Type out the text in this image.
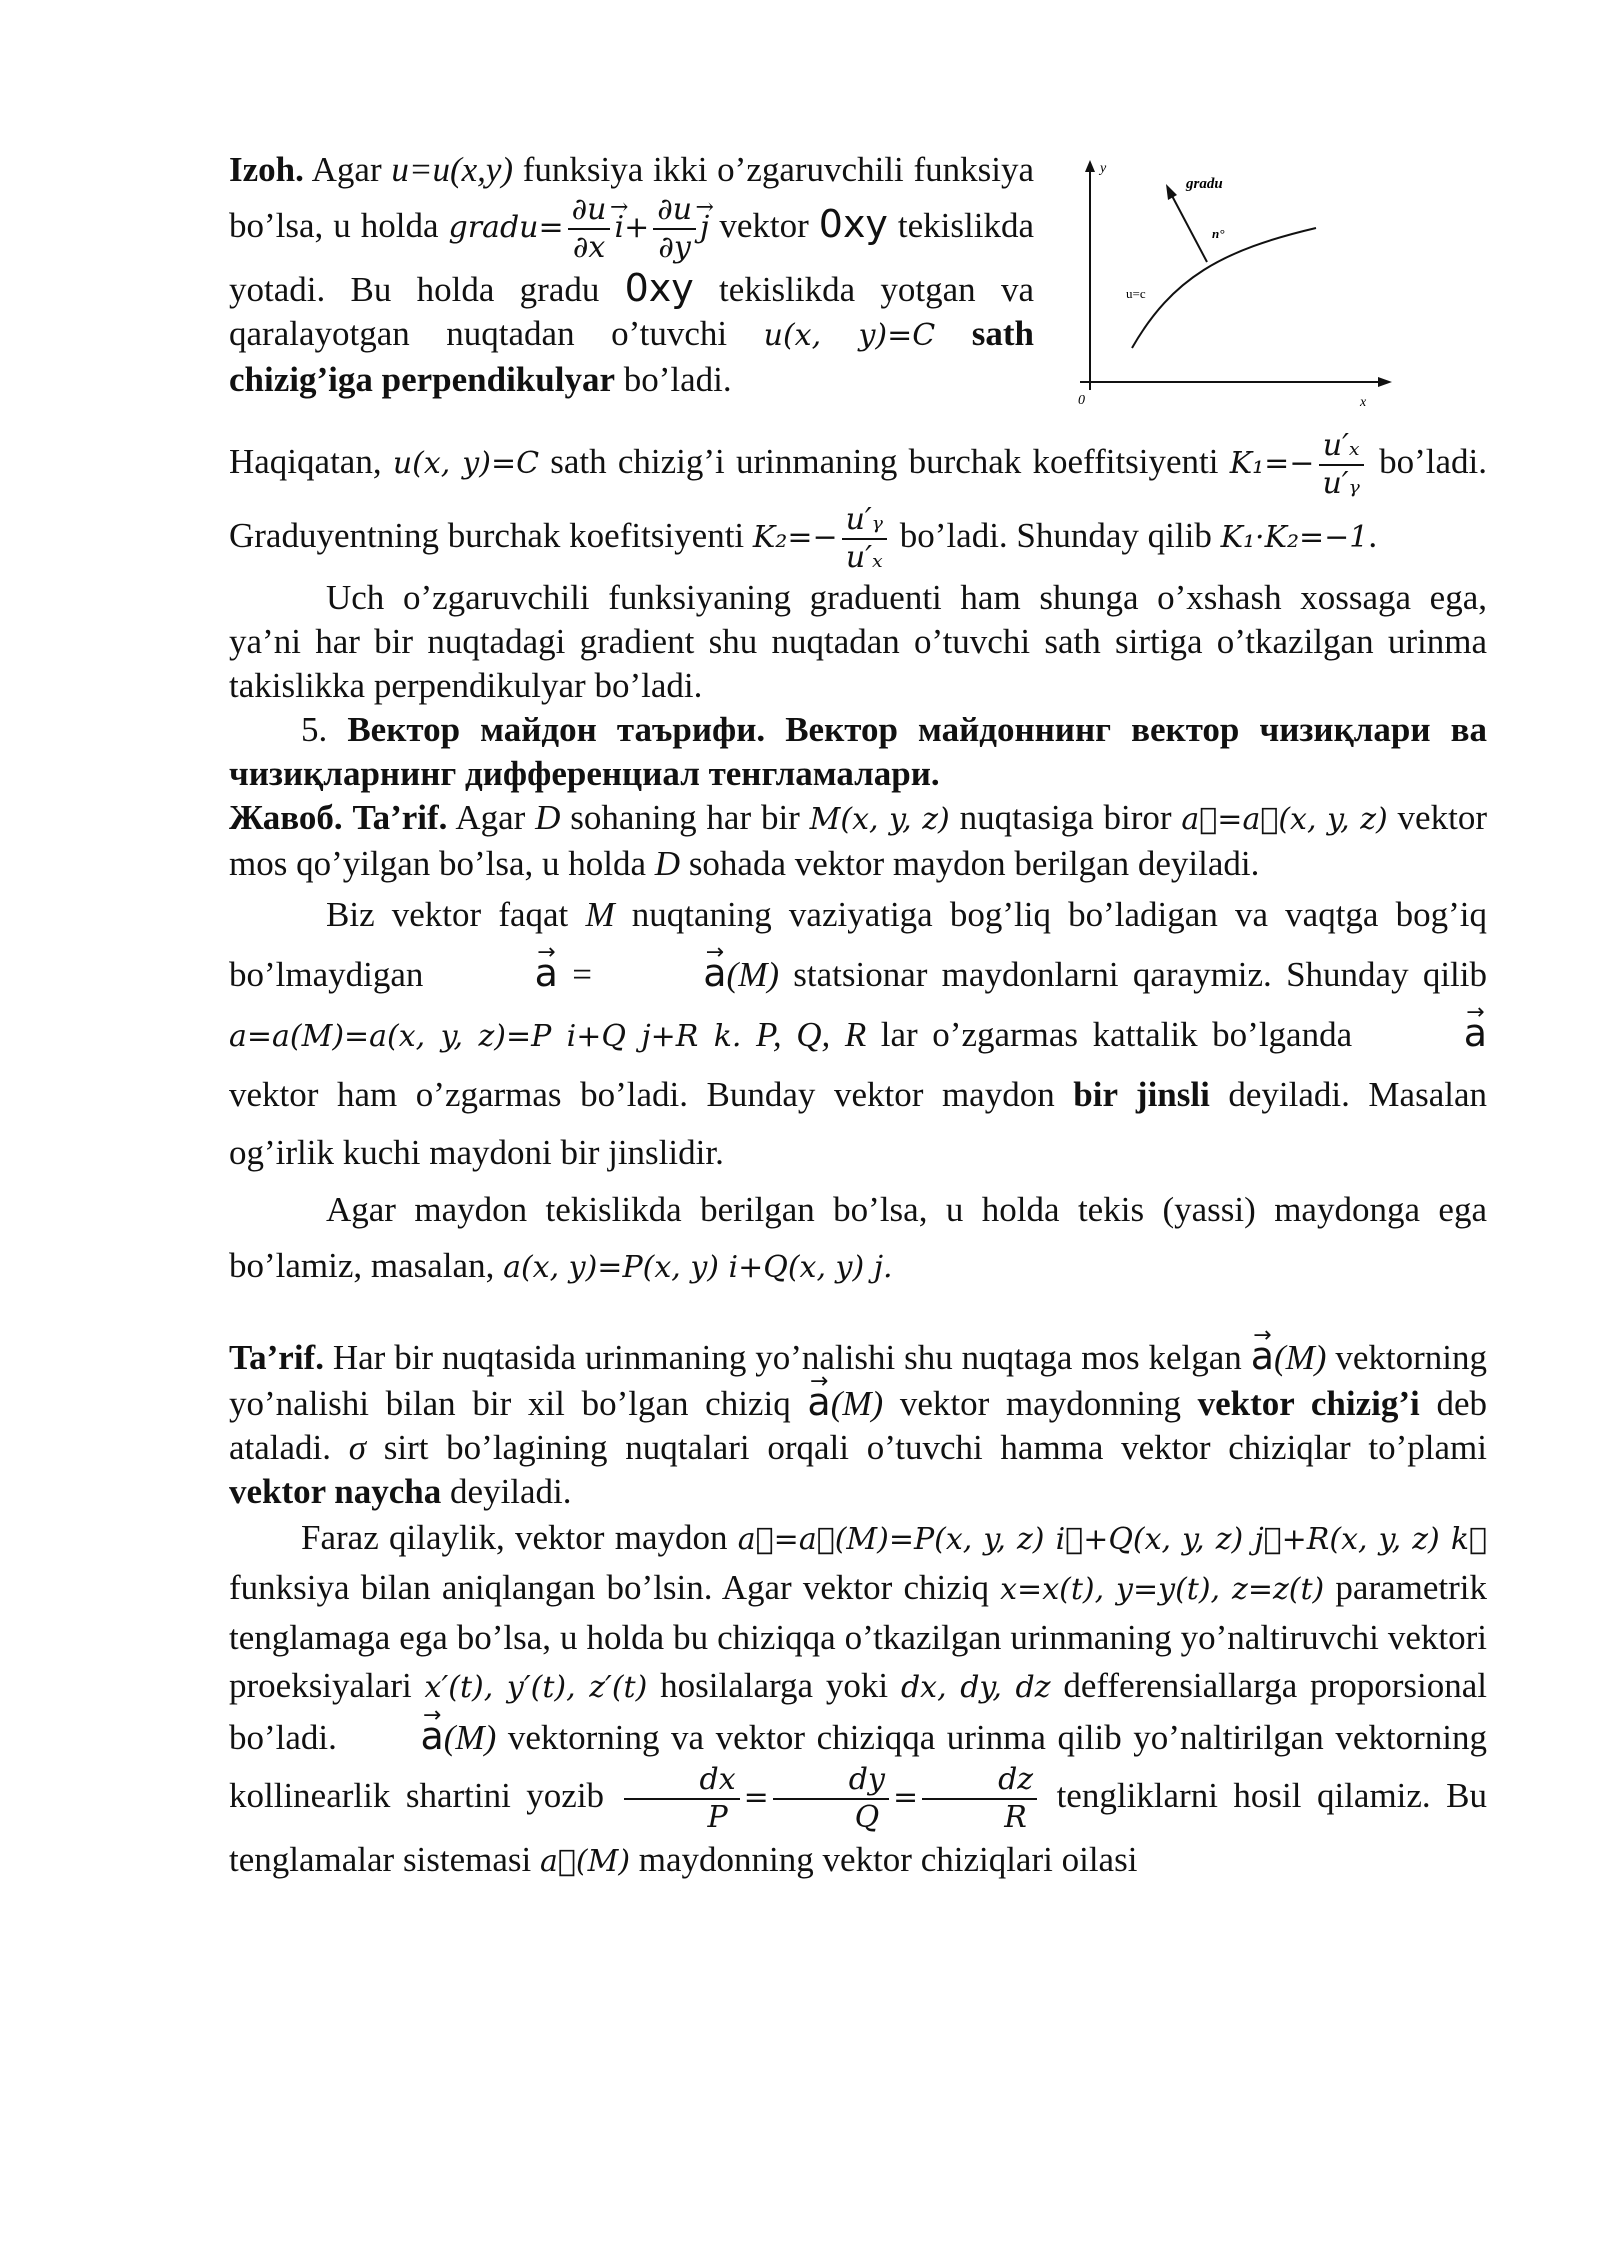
y
x
0
gradu
n°
u=c

Izoh. Agar u=u(x,y) funksiya ikki o’zgaruvchili funksiya bo’lsa, u holda gradu= $\frac{\partial u}{\partial x}$
→ $i+ \frac{\partial u}{\partial y}$
→ j vektor 0xy tekislikda yotadi. Bu holda gradu 0xy tekislikda yotgan va qaralayotgan nuqtadan o’tuvchi u(x, y)=C sath chizig’iga perpendikulyar bo’ladi.

Haqiqatan, u(x, y)=C sath chizig’i urinmaning burchak koeffitsiyenti $K_1=- \frac{\text{u′ₓ}}{\text{u′ᵧ}}$ bo’ladi. Graduyentning burchak koefitsiyenti $K_2=- \frac{\text{u′ᵧ}}{\text{u′ₓ}}$ bo’ladi. Shunday qilib K₁·K₂=−1.

Uch o’zgaruvchili funksiyaning graduenti ham shunga o’xshash xossaga ega, ya’ni har bir nuqtadagi gradient shu nuqtadan o’tuvchi sath sirtiga o’tkazilgan urinma takislikka perpendikulyar bo’ladi.

5. Вектор майдон таърифи. Вектор майдоннинг вектор чизиқлари ва чизиқларнинг дифференциал тенгламалари.

Жавоб. Ta’rif. Agar D sohaning har bir M(x, y, z) nuqtasiga biror a⃗=a⃗(x, y, z) vektor mos qo’yilgan bo’lsa, u holda D sohada vektor maydon berilgan deyiladi.

Biz vektor faqat M nuqtaning vaziyatiga bog’liq bo’ladigan va vaqtga bog’iq bo’lmaydigan →	a = →	a(M) statsionar maydonlarni qaraymiz. Shunday qilib a=a(M)=a(x, y, z)=P i+Q j+R k. P, Q, R lar o’zgarmas kattalik bo’lganda →	a vektor ham o’zgarmas bo’ladi. Bunday vektor maydon bir jinsli deyiladi. Masalan og’irlik kuchi maydoni bir jinslidir.

Agar maydon tekislikda berilgan bo’lsa, u holda tekis (yassi) maydonga ega bo’lamiz, masalan, a(x, y)=P(x, y) i+Q(x, y) j.

Ta’rif. Har bir nuqtasida urinmaning yo’nalishi shu nuqtaga mos kelgan → a(M) vektorning yo’nalishi bilan bir xil bo’lgan chiziq → a(M) vektor maydonning vektor chizig’i deb ataladi. σ sirt bo’lagining nuqtalari orqali o’tuvchi hamma vektor chiziqlar to’plami vektor naycha deyiladi.

Faraz qilaylik, vektor maydon a⃗=a⃗(M)=P(x, y, z) i⃗+Q(x, y, z) j⃗+R(x, y, z) k⃗ funksiya bilan aniqlangan bo’lsin. Agar vektor chiziq x=x(t), y=y(t), z=z(t) parametrik tenglamaga ega bo’lsa, u holda bu chiziqqa o’tkazilgan urinmaning yo’naltiruvchi vektori proeksiyalari x′(t), y′(t), z′(t) hosilalarga yoki dx, dy, dz defferensiallarga proporsional bo’ladi. → a(M) vektorning va vektor chiziqqa urinma qilib yo’naltirilgan vektorning kollinearlik shartini yozib $\frac{dx}{P} = \frac{dy}{Q} = \frac{dz}{R}$ tengliklarni hosil qilamiz. Bu tenglamalar sistemasi a⃗(M) maydonning vektor chiziqlari oilasi
